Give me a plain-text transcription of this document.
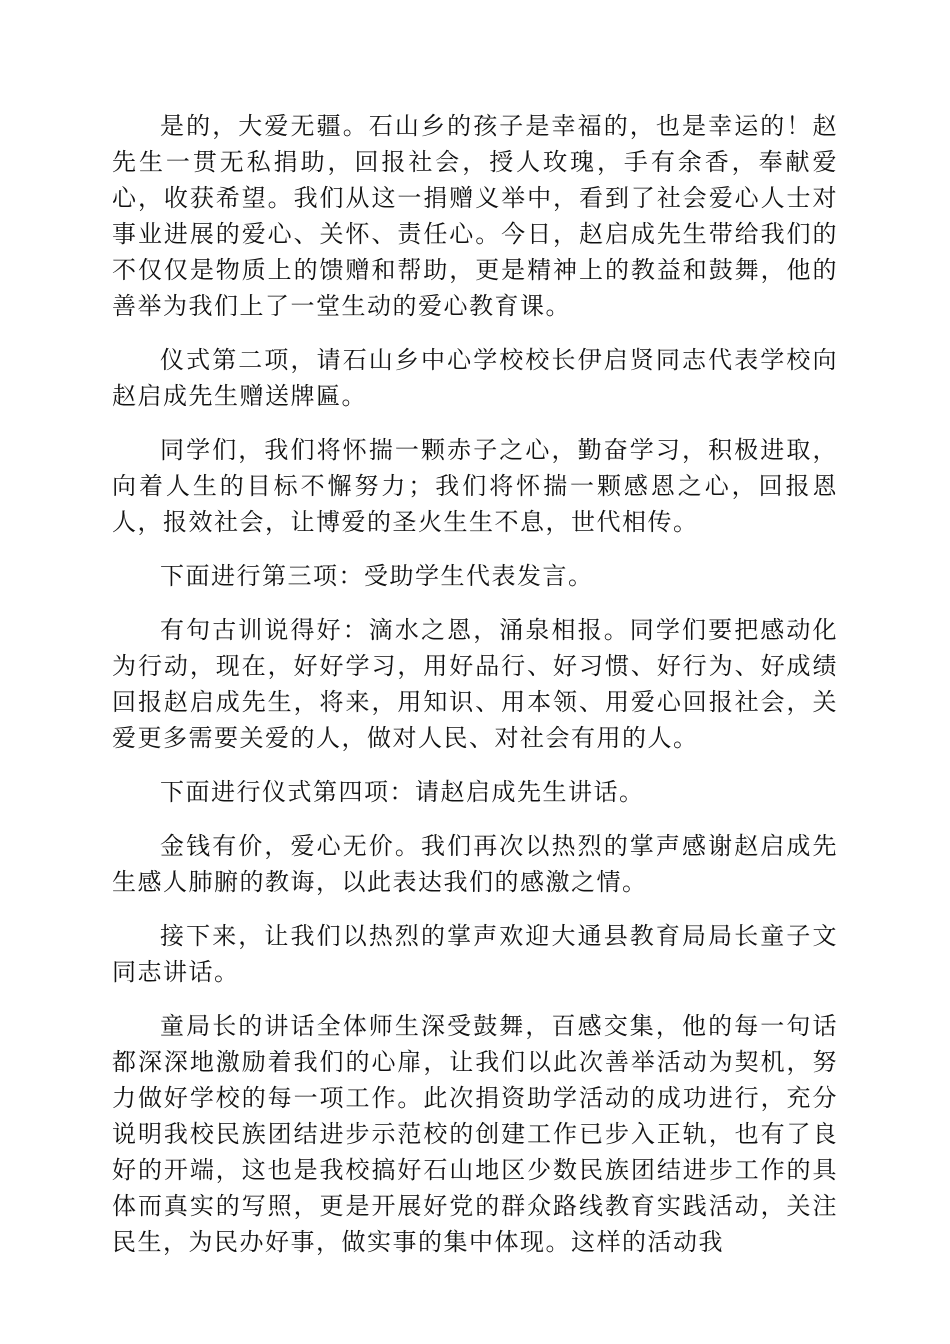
是的，大爱无疆。石山乡的孩子是幸福的，也是幸运的！赵先生一贯无私捐助，回报社会，授人玫瑰，手有余香，奉献爱心，收获希望。我们从这一捐赠义举中，看到了社会爱心人士对事业进展的爱心、关怀、责任心。今日，赵启成先生带给我们的不仅仅是物质上的馈赠和帮助，更是精神上的教益和鼓舞，他的善举为我们上了一堂生动的爱心教育课。

仪式第二项，请石山乡中心学校校长伊启贤同志代表学校向赵启成先生赠送牌匾。

同学们，我们将怀揣一颗赤子之心，勤奋学习，积极进取，向着人生的目标不懈努力；我们将怀揣一颗感恩之心，回报恩人，报效社会，让博爱的圣火生生不息，世代相传。

下面进行第三项：受助学生代表发言。

有句古训说得好：滴水之恩，涌泉相报。同学们要把感动化为行动，现在，好好学习，用好品行、好习惯、好行为、好成绩回报赵启成先生，将来，用知识、用本领、用爱心回报社会，关爱更多需要关爱的人，做对人民、对社会有用的人。

下面进行仪式第四项：请赵启成先生讲话。

金钱有价，爱心无价。我们再次以热烈的掌声感谢赵启成先生感人肺腑的教诲，以此表达我们的感激之情。

接下来，让我们以热烈的掌声欢迎大通县教育局局长童子文同志讲话。

童局长的讲话全体师生深受鼓舞，百感交集，他的每一句话都深深地激励着我们的心扉，让我们以此次善举活动为契机，努力做好学校的每一项工作。此次捐资助学活动的成功进行，充分说明我校民族团结进步示范校的创建工作已步入正轨，也有了良好的开端，这也是我校搞好石山地区少数民族团结进步工作的具体而真实的写照，更是开展好党的群众路线教育实践活动，关注民生，为民办好事，做实事的集中体现。这样的活动我
